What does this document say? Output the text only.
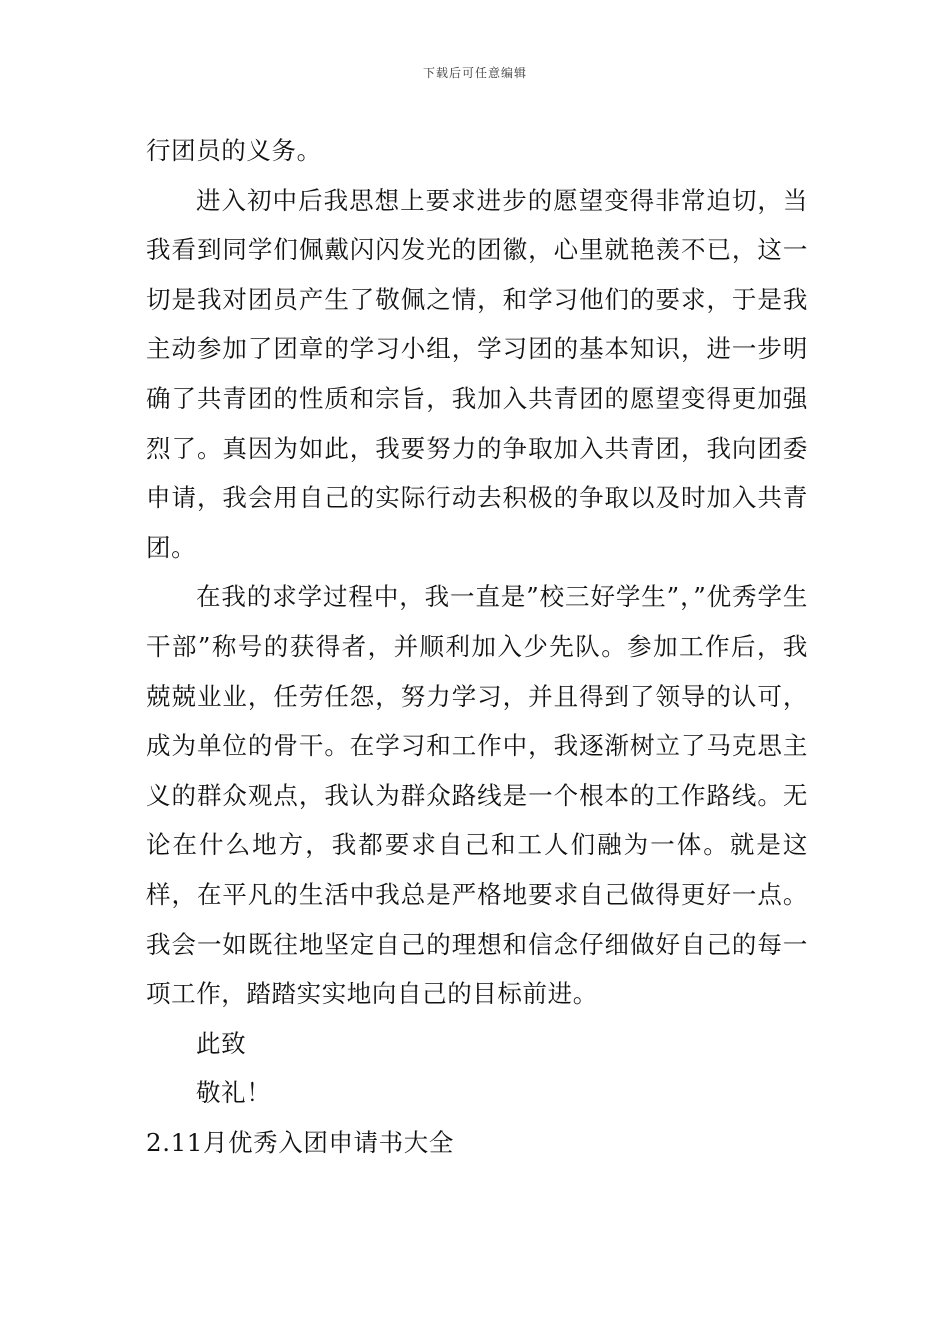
下载后可任意编辑

行团员的义务。

进入初中后我思想上要求进步的愿望变得非常迫切，当我看到同学们佩戴闪闪发光的团徽，心里就艳羡不已，这一切是我对团员产生了敬佩之情，和学习他们的要求，于是我主动参加了团章的学习小组，学习团的基本知识，进一步明确了共青团的性质和宗旨，我加入共青团的愿望变得更加强烈了。真因为如此，我要努力的争取加入共青团，我向团委申请，我会用自己的实际行动去积极的争取以及时加入共青团。

在我的求学过程中，我一直是”校三好学生”，”优秀学生干部”称号的获得者，并顺利加入少先队。参加工作后，我兢兢业业，任劳任怨，努力学习，并且得到了领导的认可，成为单位的骨干。在学习和工作中，我逐渐树立了马克思主义的群众观点，我认为群众路线是一个根本的工作路线。无论在什么地方，我都要求自己和工人们融为一体。就是这样，在平凡的生活中我总是严格地要求自己做得更好一点。我会一如既往地坚定自己的理想和信念仔细做好自己的每一项工作，踏踏实实地向自己的目标前进。

此致

敬礼！

2.11月优秀入团申请书大全
